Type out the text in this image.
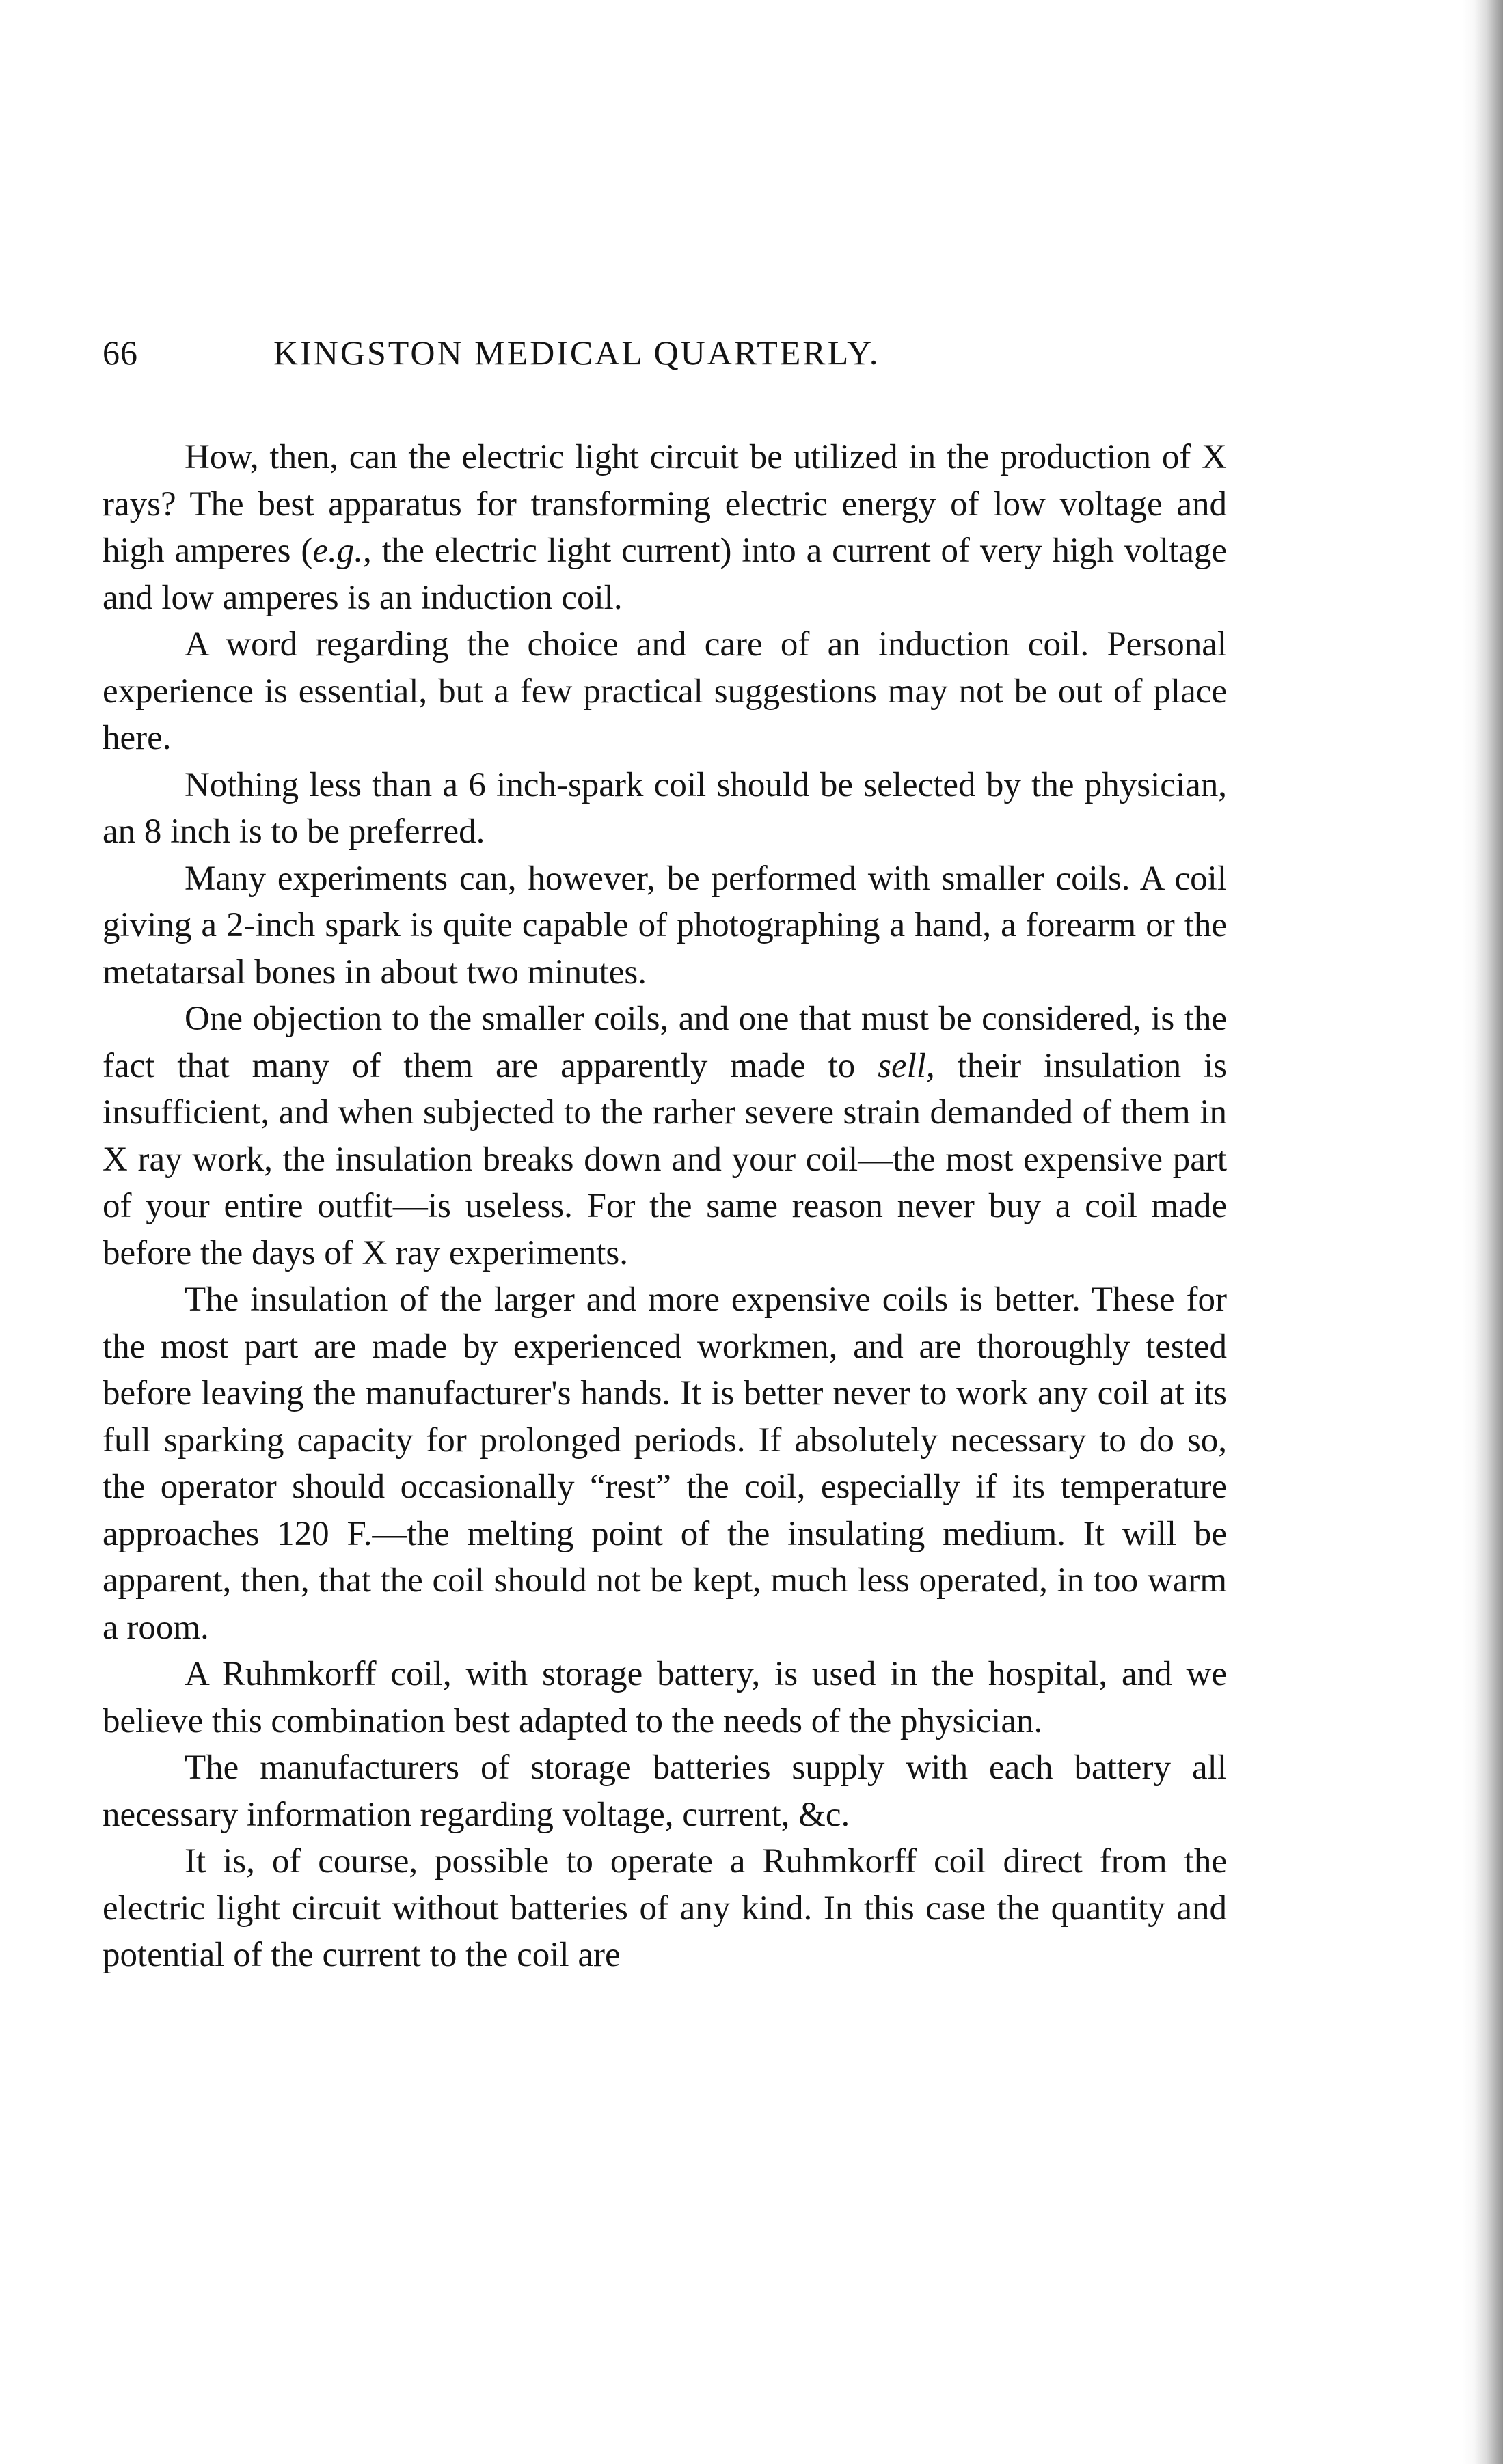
66	KINGSTON MEDICAL QUARTERLY.

How, then, can the electric light circuit be utilized in the production of X rays? The best apparatus for transforming electric energy of low voltage and high amperes (e.g., the electric light current) into a current of very high voltage and low amperes is an induction coil.

A word regarding the choice and care of an induction coil. Personal experience is essential, but a few practical suggestions may not be out of place here.

Nothing less than a 6 inch-spark coil should be selected by the physician, an 8 inch is to be preferred.

Many experiments can, however, be performed with smaller coils. A coil giving a 2-inch spark is quite capable of photographing a hand, a forearm or the metatarsal bones in about two minutes.

One objection to the smaller coils, and one that must be considered, is the fact that many of them are apparently made to sell, their insulation is insufficient, and when subjected to the rarher severe strain demanded of them in X ray work, the insulation breaks down and your coil—the most expensive part of your entire outfit—is useless. For the same reason never buy a coil made before the days of X ray experiments.

The insulation of the larger and more expensive coils is better. These for the most part are made by experienced workmen, and are thoroughly tested before leaving the manufacturer's hands. It is better never to work any coil at its full sparking capacity for prolonged periods. If absolutely necessary to do so, the operator should occasionally “rest” the coil, especially if its temperature approaches 120 F.—the melting point of the insulating medium. It will be apparent, then, that the coil should not be kept, much less operated, in too warm a room.

A Ruhmkorff coil, with storage battery, is used in the hospital, and we believe this combination best adapted to the needs of the physician.

The manufacturers of storage batteries supply with each battery all necessary information regarding voltage, current, &c.

It is, of course, possible to operate a Ruhmkorff coil direct from the electric light circuit without batteries of any kind. In this case the quantity and potential of the current to the coil are
